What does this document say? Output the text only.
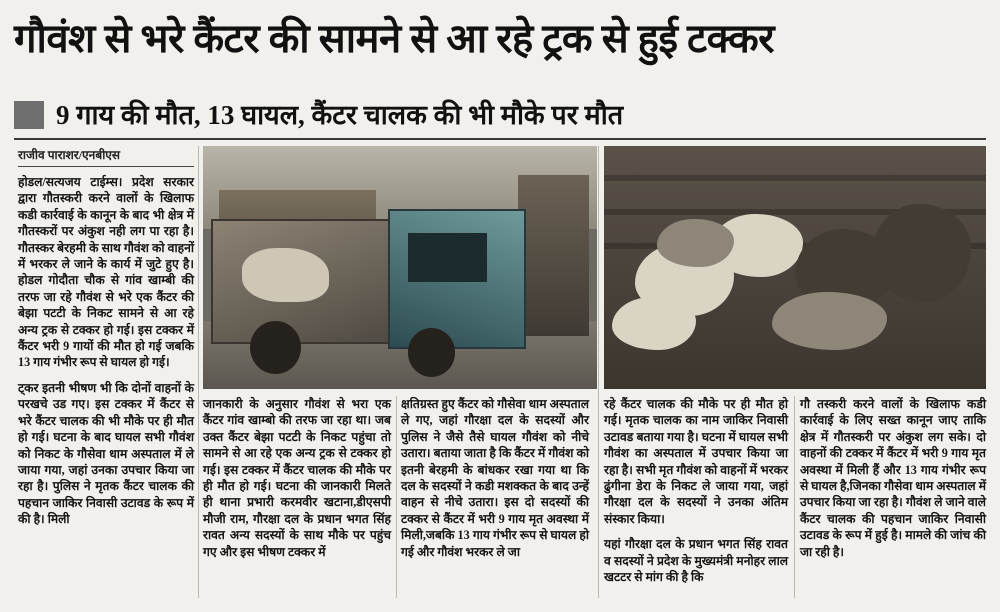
गौवंश से भरे कैंटर की सामने से आ रहे ट्रक से हुई टक्कर
9 गाय की मौत, 13 घायल, कैंटर चालक की भी मौके पर मौत
राजीव पाराशर/एनबीएस

होडल/सत्यजय टाईम्स। प्रदेश सरकार द्वारा गौतस्करी करने वालों के खिलाफ कडी कार्रवाई के कानून के बाद भी क्षेत्र में गौतस्करों पर अंकुश नही लग पा रहा है। गौतस्कर बेरहमी के साथ गौवंश को वाहनों में भरकर ले जाने के कार्य में जुटे हुए है। होडल गोदौता चौक से गांव खाम्बी की तरफ जा रहे गौवंश से भरे एक कैंटर की बेझा पटटी के निकट सामने से आ रहे अन्य ट्रक से टक्कर हो गई। इस टक्कर में कैंटर भरी 9 गायों की मौत हो गई जबकि 13 गाय गंभीर रूप से घायल हो गई।

ट्कर इतनी भीषण भी कि दोनों वाहनों के परखचे उड गए। इस टक्कर में कैंटर से भरे कैंटर चालक की भी मौके पर ही मौत हो गई। घटना के बाद घायल सभी गौवंश को निकट के गौसेवा धाम अस्पताल में ले जाया गया, जहां उनका उपचार किया जा रहा है। पुलिस ने मृतक कैंटर चालक की पहचान जाकिर निवासी उटावड के रूप में की है। मिली

जानकारी के अनुसार गौवंश से भरा एक कैंटर गांव खाम्बो की तरफ जा रहा था। जब उक्त कैंटर बेझा पटटी के निकट पहुंचा तो सामने से आ रहे एक अन्य ट्रक से टक्कर हो गई। इस टक्कर में कैंटर चालक की मौके पर ही मौत हो गई। घटना की जानकारी मिलते ही थाना प्रभारी करमवीर खटाना,डीएसपी मौजी राम, गौरक्षा दल के प्रधान भगत सिंह रावत अन्य सदस्यों के साथ मौके पर पहुंच गए और इस भीषण टक्कर में

क्षतिग्रस्त हुए कैंटर को गौसेवा धाम अस्पताल ले गए, जहां गौरक्षा दल के सदस्यों और पुलिस ने जैसे तैसे घायल गौवंश को नीचे उतारा। बताया जाता है कि कैंटर में गौवंश को इतनी बेरहमी के बांधकर रखा गया था कि दल के सदस्यों ने कडी मशक्कत के बाद उन्हें वाहन से नीचे उतारा। इस दो सदस्यों की टक्कर से कैंटर में भरी 9 गाय मृत अवस्था में मिली,जबकि 13 गाय गंभीर रूप से घायल हो गई और गौवंश भरकर ले जा

रहे कैंटर चालक की मौके पर ही मौत हो गई। मृतक चालक का नाम जाकिर निवासी उटावड बताया गया है। घटना में घायल सभी गौवंश का अस्पताल में उपचार किया जा रहा है। सभी मृत गौवंश को वाहनों में भरकर ढुंगीना डेरा के निकट ले जाया गया, जहां गौरक्षा दल के सदस्यों ने उनका अंतिम संस्कार किया।

यहां गौरक्षा दल के प्रधान भगत सिंह रावत व सदस्यों ने प्रदेश के मुख्यमंत्री मनोहर लाल खटटर से मांग की है कि

गौ तस्करी करने वालों के खिलाफ कडी कार्रवाई के लिए सख्त कानून जाए ताकि क्षेत्र में गौतस्करी पर अंकुश लग सके। दो वाहनों की टक्कर में कैंटर में भरी 9 गाय मृत अवस्था में मिली हैं और 13 गाय गंभीर रूप से घायल है,जिनका गौसेवा धाम अस्पताल में उपचार किया जा रहा है। गौवंश ले जाने वाले कैंटर चालक की पहचान जाकिर निवासी उटावड के रूप में हुई है। मामले की जांच की जा रही है।
